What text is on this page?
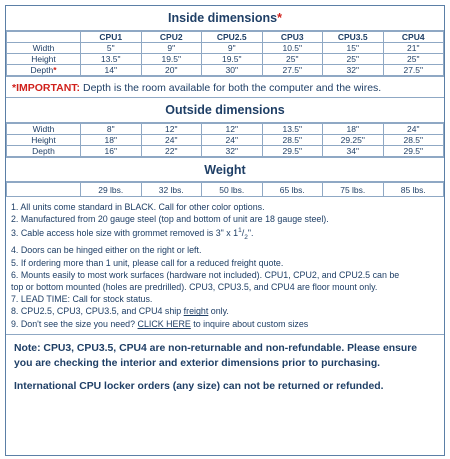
Inside dimensions*
	CPU1	CPU2	CPU2.5	CPU3	CPU3.5	CPU4
Width	5"	9"	9"	10.5"	15"	21"
Height	13.5"	19.5"	19.5"	25"	25"	25"
Depth*	14"	20"	30"	27.5"	32"	27.5"
*IMPORTANT: Depth is the room available for both the computer and the wires.
Outside dimensions
Width	8"	12"	12"	13.5"	18"	24"
Height	18"	24"	24"	28.5"	29.25"	28.5"
Depth	16"	22"	32"	29.5"	34"	29.5"
Weight
	29 lbs.	32 lbs.	50 lbs.	65 lbs.	75 lbs.	85 lbs.
1. All units come standard in BLACK. Call for other color options.
2. Manufactured from 20 gauge steel (top and bottom of unit are 18 gauge steel).
3. Cable access hole size with grommet removed is 3" x $1^1/_2$".
4. Doors can be hinged either on the right or left.
5. If ordering more than 1 unit, please call for a reduced freight quote.
6. Mounts easily to most work surfaces (hardware not included). CPU1, CPU2, and CPU2.5 can be
top or bottom mounted (holes are predrilled). CPU3, CPU3.5, and CPU4 are floor mount only.
7. LEAD TIME: Call for stock status.
8. CPU2.5, CPU3, CPU3.5, and CPU4 ship freight only.
9. Don't see the size you need? CLICK HERE to inquire about custom sizes
Note: CPU3, CPU3.5, CPU4 are non-returnable and non-refundable. Please ensure you are checking the interior and exterior dimensions prior to purchasing.
International CPU locker orders (any size) can not be returned or refunded.
